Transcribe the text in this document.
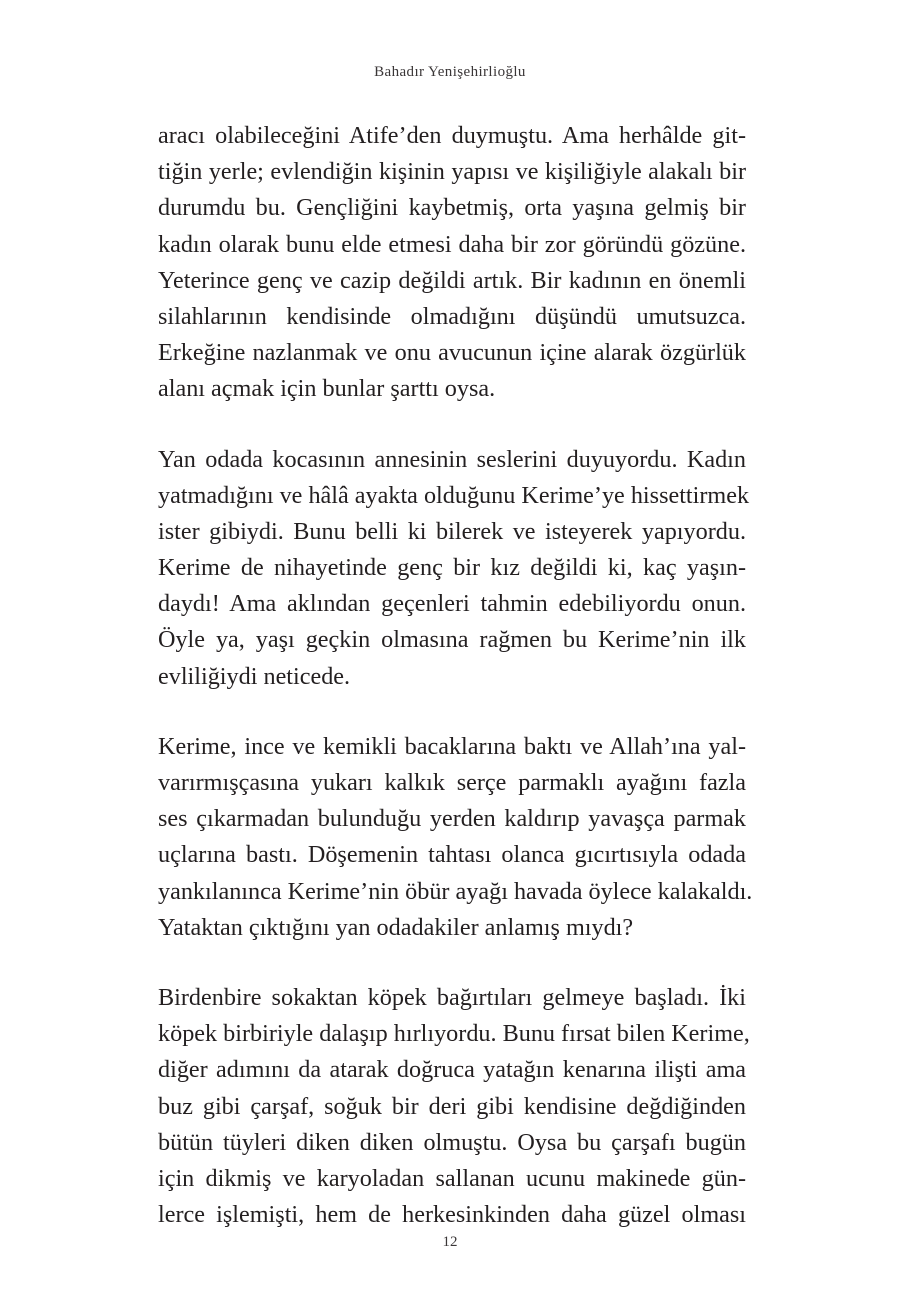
Bahadır Yenişehirlioğlu

aracı olabileceğini Atife’den duymuştu. Ama herhâlde git-
tiğin yerle; evlendiğin kişinin yapısı ve kişiliğiyle alakalı bir
durumdu bu. Gençliğini kaybetmiş, orta yaşına gelmiş bir
kadın olarak bunu elde etmesi daha bir zor göründü gözüne.
Yeterince genç ve cazip değildi artık. Bir kadının en önemli
silahlarının kendisinde olmadığını düşündü umutsuzca.
Erkeğine nazlanmak ve onu avucunun içine alarak özgürlük
alanı açmak için bunlar şarttı oysa.

Yan odada kocasının annesinin seslerini duyuyordu. Kadın
yatmadığını ve hâlâ ayakta olduğunu Kerime’ye hissettirmek
ister gibiydi. Bunu belli ki bilerek ve isteyerek yapıyordu.
Kerime de nihayetinde genç bir kız değildi ki, kaç yaşın-
daydı! Ama aklından geçenleri tahmin edebiliyordu onun.
Öyle ya, yaşı geçkin olmasına rağmen bu Kerime’nin ilk
evliliğiydi neticede.

Kerime, ince ve kemikli bacaklarına baktı ve Allah’ına yal-
varırmışçasına yukarı kalkık serçe parmaklı ayağını fazla
ses çıkarmadan bulunduğu yerden kaldırıp yavaşça parmak
uçlarına bastı. Döşemenin tahtası olanca gıcırtısıyla odada
yankılanınca Kerime’nin öbür ayağı havada öylece kalakaldı.
Yataktan çıktığını yan odadakiler anlamış mıydı?

Birdenbire sokaktan köpek bağırtıları gelmeye başladı. İki
köpek birbiriyle dalaşıp hırlıyordu. Bunu fırsat bilen Kerime,
diğer adımını da atarak doğruca yatağın kenarına ilişti ama
buz gibi çarşaf, soğuk bir deri gibi kendisine değdiğinden
bütün tüyleri diken diken olmuştu. Oysa bu çarşafı bugün
için dikmiş ve karyoladan sallanan ucunu makinede gün-
lerce işlemişti, hem de herkesinkinden daha güzel olması

12
